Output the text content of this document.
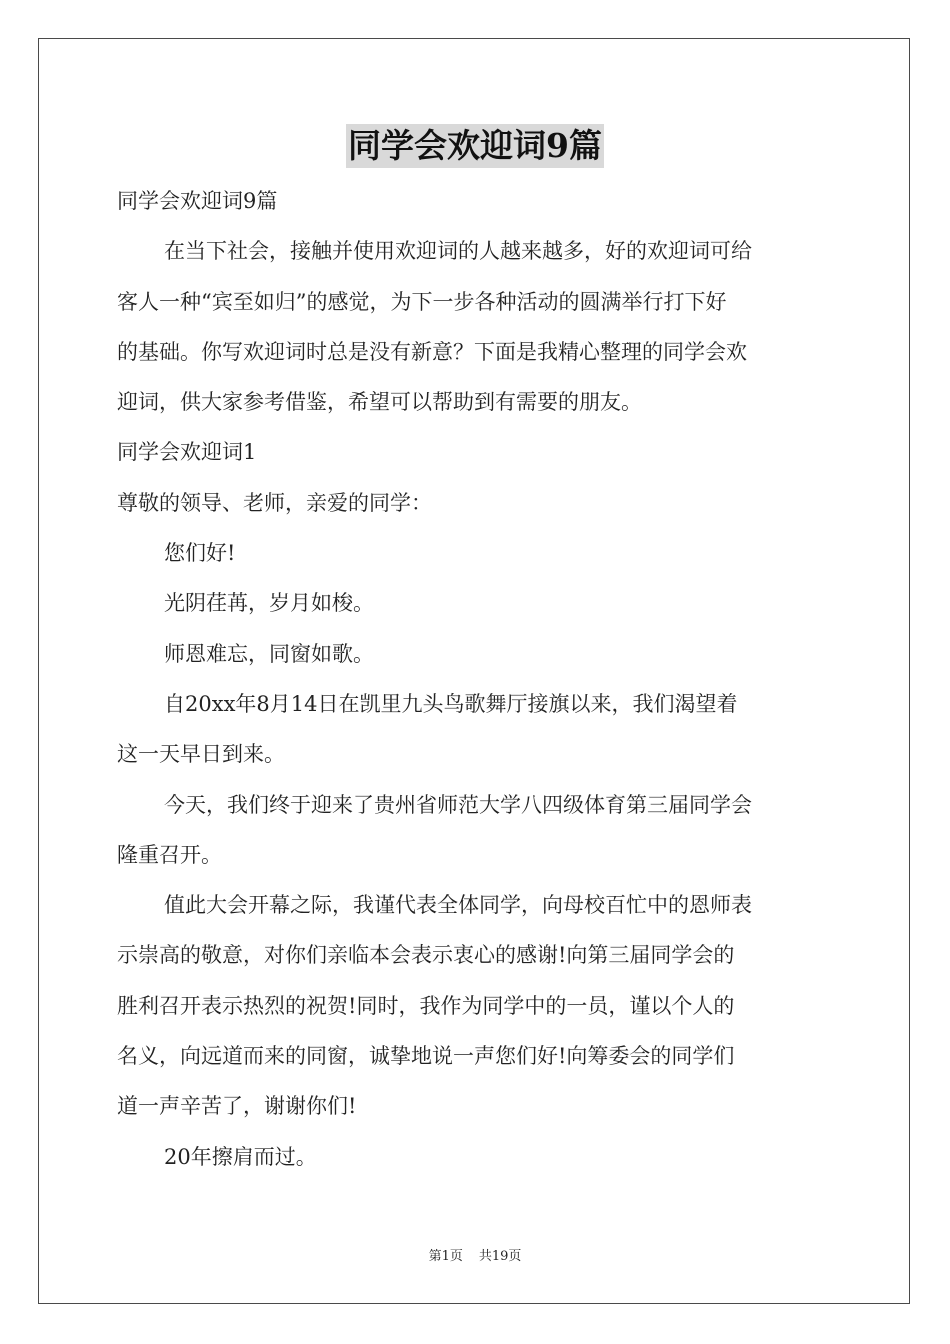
同学会欢迎词9篇
同学会欢迎词9篇
在当下社会，接触并使用欢迎词的人越来越多，好的欢迎词可给
客人一种“宾至如归”的感觉，为下一步各种活动的圆满举行打下好
的基础。你写欢迎词时总是没有新意？下面是我精心整理的同学会欢
迎词，供大家参考借鉴，希望可以帮助到有需要的朋友。
同学会欢迎词1
尊敬的领导、老师，亲爱的同学：
您们好!
光阴荏苒，岁月如梭。
师恩难忘，同窗如歌。
自20xx年8月14日在凯里九头鸟歌舞厅接旗以来，我们渴望着
这一天早日到来。
今天，我们终于迎来了贵州省师范大学八四级体育第三届同学会
隆重召开。
值此大会开幕之际，我谨代表全体同学，向母校百忙中的恩师表
示崇高的敬意，对你们亲临本会表示衷心的感谢!向第三届同学会的
胜利召开表示热烈的祝贺!同时，我作为同学中的一员，谨以个人的
名义，向远道而来的同窗，诚挚地说一声您们好!向筹委会的同学们
道一声辛苦了，谢谢你们!
20年擦肩而过。
第1页 共19页
